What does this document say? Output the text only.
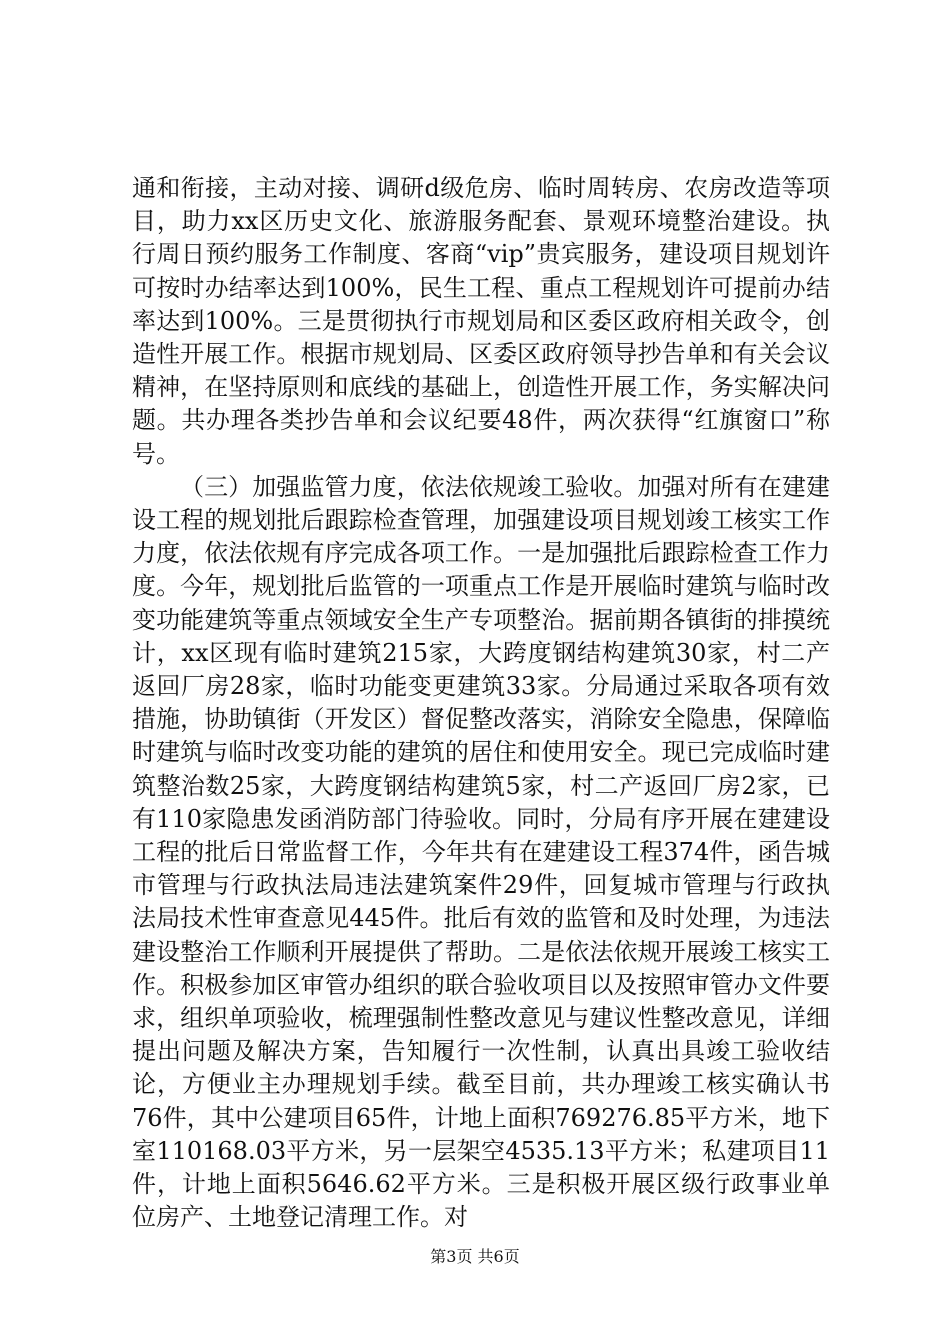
通和衔接，主动对接、调研d级危房、临时周转房、农房改造等项目，助力xx区历史文化、旅游服务配套、景观环境整治建设。执行周日预约服务工作制度、客商“vip”贵宾服务，建设项目规划许可按时办结率达到100%，民生工程、重点工程规划许可提前办结率达到100%。三是贯彻执行市规划局和区委区政府相关政令，创造性开展工作。根据市规划局、区委区政府领导抄告单和有关会议精神，在坚持原则和底线的基础上，创造性开展工作，务实解决问题。共办理各类抄告单和会议纪要48件，两次获得“红旗窗口”称号。

（三）加强监管力度，依法依规竣工验收。加强对所有在建建设工程的规划批后跟踪检查管理，加强建设项目规划竣工核实工作力度，依法依规有序完成各项工作。一是加强批后跟踪检查工作力度。今年，规划批后监管的一项重点工作是开展临时建筑与临时改变功能建筑等重点领域安全生产专项整治。据前期各镇街的排摸统计，xx区现有临时建筑215家，大跨度钢结构建筑30家，村二产返回厂房28家，临时功能变更建筑33家。分局通过采取各项有效措施，协助镇街（开发区）督促整改落实，消除安全隐患，保障临时建筑与临时改变功能的建筑的居住和使用安全。现已完成临时建筑整治数25家，大跨度钢结构建筑5家，村二产返回厂房2家，已有110家隐患发函消防部门待验收。同时，分局有序开展在建建设工程的批后日常监督工作，今年共有在建建设工程374件，函告城市管理与行政执法局违法建筑案件29件，回复城市管理与行政执法局技术性审查意见445件。批后有效的监管和及时处理，为违法建设整治工作顺利开展提供了帮助。二是依法依规开展竣工核实工作。积极参加区审管办组织的联合验收项目以及按照审管办文件要求，组织单项验收，梳理强制性整改意见与建议性整改意见，详细提出问题及解决方案，告知履行一次性制，认真出具竣工验收结论，方便业主办理规划手续。截至目前，共办理竣工核实确认书76件，其中公建项目65件，计地上面积769276.85平方米，地下室110168.03平方米，另一层架空4535.13平方米；私建项目11件，计地上面积5646.62平方米。三是积极开展区级行政事业单位房产、土地登记清理工作。对

第3页 共6页
